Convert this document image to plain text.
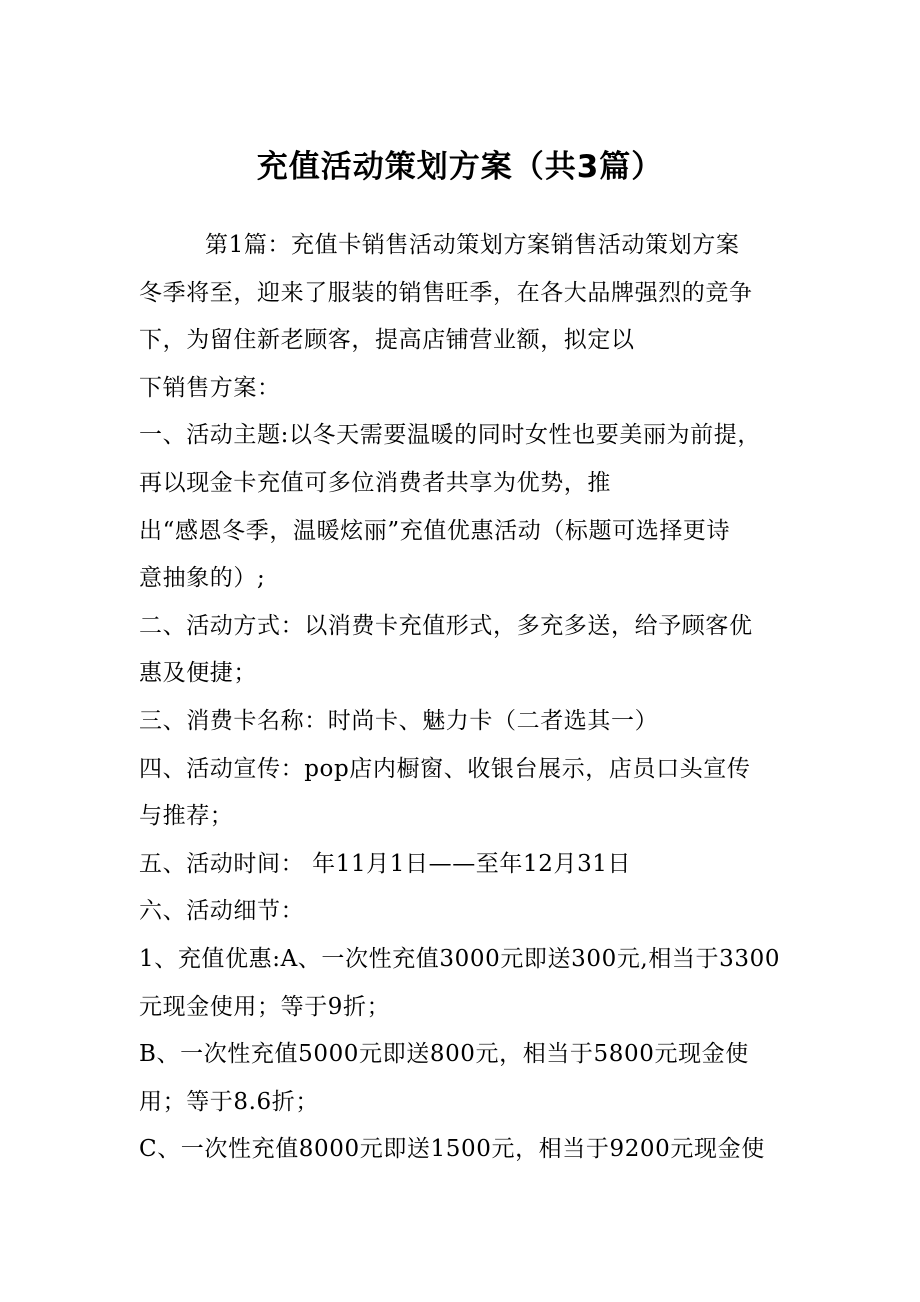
充值活动策划方案（共3篇）

第1篇：充值卡销售活动策划方案销售活动策划方案

冬季将至，迎来了服装的销售旺季，在各大品牌强烈的竞争

下，为留住新老顾客，提高店铺营业额，拟定以

下销售方案：

一、活动主题:以冬天需要温暖的同时女性也要美丽为前提，

再以现金卡充值可多位消费者共享为优势，推

出“感恩冬季，温暖炫丽”充值优惠活动（标题可选择更诗

意抽象的）;

二、活动方式：以消费卡充值形式，多充多送，给予顾客优

惠及便捷；

三、消费卡名称：时尚卡、魅力卡（二者选其一）

四、活动宣传：pop店内橱窗、收银台展示，店员口头宣传

与推荐；

五、活动时间： 年11月1日——至年12月31日

六、活动细节：

1、充值优惠:A、一次性充值3000元即送300元,相当于3300

元现金使用；等于9折；

B、一次性充值5000元即送800元，相当于5800元现金使

用；等于8.6折；

C、一次性充值8000元即送1500元，相当于9200元现金使
